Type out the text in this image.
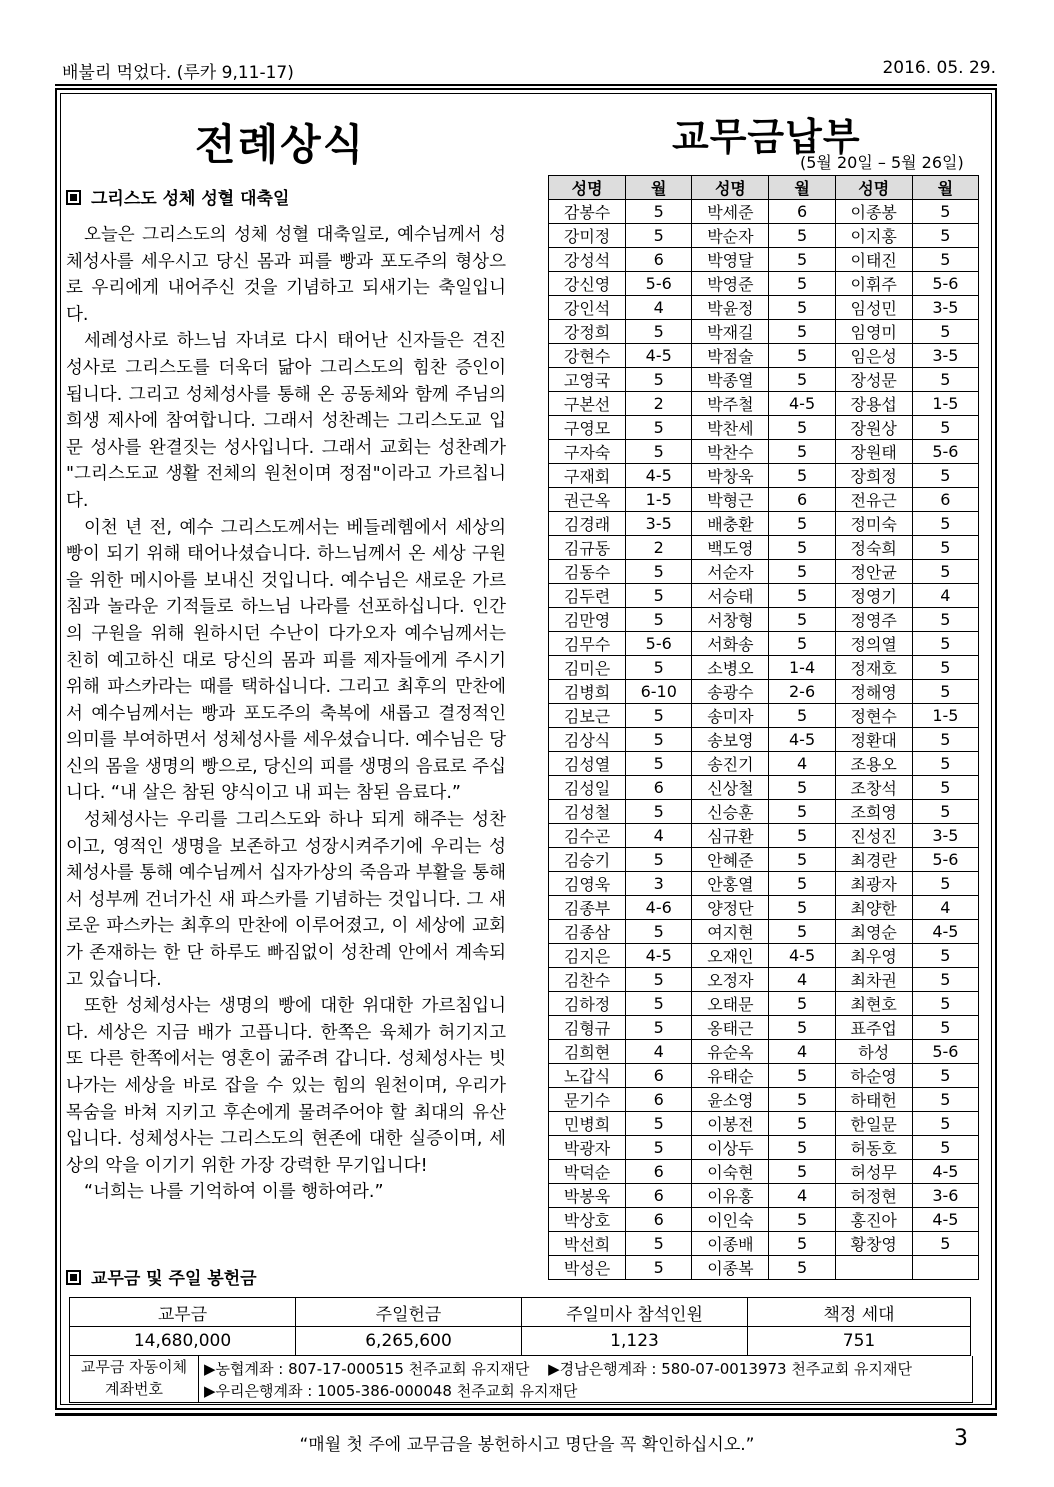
배불리 먹었다. (루카 9,11-17)	2016. 05. 29.
전례상식	교무금납부
(5월 20일 – 5월 26일)
그리스도 성체 성혈 대축일

오늘은 그리스도의 성체 성혈 대축일로, 예수님께서 성체성사를 세우시고 당신 몸과 피를 빵과 포도주의 형상으로 우리에게 내어주신 것을 기념하고 되새기는 축일입니다.

세례성사로 하느님 자녀로 다시 태어난 신자들은 견진성사로 그리스도를 더욱더 닮아 그리스도의 힘찬 증인이 됩니다. 그리고 성체성사를 통해 온 공동체와 함께 주님의 희생 제사에 참여합니다. 그래서 성찬례는 그리스도교 입문 성사를 완결짓는 성사입니다. 그래서 교회는 성찬례가 "그리스도교 생활 전체의 원천이며 정점"이라고 가르칩니다.

이천 년 전, 예수 그리스도께서는 베들레헴에서 세상의 빵이 되기 위해 태어나셨습니다. 하느님께서 온 세상 구원을 위한 메시아를 보내신 것입니다. 예수님은 새로운 가르침과 놀라운 기적들로 하느님 나라를 선포하십니다. 인간의 구원을 위해 원하시던 수난이 다가오자 예수님께서는 친히 예고하신 대로 당신의 몸과 피를 제자들에게 주시기 위해 파스카라는 때를 택하십니다. 그리고 최후의 만찬에서 예수님께서는 빵과 포도주의 축복에 새롭고 결정적인 의미를 부여하면서 성체성사를 세우셨습니다. 예수님은 당신의 몸을 생명의 빵으로, 당신의 피를 생명의 음료로 주십니다. “내 살은 참된 양식이고 내 피는 참된 음료다.”

성체성사는 우리를 그리스도와 하나 되게 해주는 성찬이고, 영적인 생명을 보존하고 성장시켜주기에 우리는 성체성사를 통해 예수님께서 십자가상의 죽음과 부활을 통해서 성부께 건너가신 새 파스카를 기념하는 것입니다. 그 새로운 파스카는 최후의 만찬에 이루어졌고, 이 세상에 교회가 존재하는 한 단 하루도 빠짐없이 성찬례 안에서 계속되고 있습니다.

또한 성체성사는 생명의 빵에 대한 위대한 가르침입니다. 세상은 지금 배가 고픕니다. 한쪽은 육체가 허기지고 또 다른 한쪽에서는 영혼이 굶주려 갑니다. 성체성사는 빗나가는 세상을 바로 잡을 수 있는 힘의 원천이며, 우리가 목숨을 바쳐 지키고 후손에게 물려주어야 할 최대의 유산입니다. 성체성사는 그리스도의 현존에 대한 실증이며, 세상의 악을 이기기 위한 가장 강력한 무기입니다!

“너희는 나를 기억하여 이를 행하여라.”

성명	월	성명	월	성명	월
감봉수	5	박세준	6	이종봉	5
강미정	5	박순자	5	이지홍	5
강성석	6	박영달	5	이태진	5
강신영	5-6	박영준	5	이휘주	5-6
강인석	4	박윤정	5	임성민	3-5
강정희	5	박재길	5	임영미	5
강현수	4-5	박점술	5	임은성	3-5
고영국	5	박종열	5	장성문	5
구본선	2	박주철	4-5	장용섭	1-5
구영모	5	박찬세	5	장원상	5
구자숙	5	박찬수	5	장원태	5-6
구재회	4-5	박창욱	5	장희정	5
권근옥	1-5	박형근	6	전유근	6
김경래	3-5	배충환	5	정미숙	5
김규동	2	백도영	5	정숙희	5
김동수	5	서순자	5	정안균	5
김두련	5	서승태	5	정영기	4
김만영	5	서창형	5	정영주	5
김무수	5-6	서화송	5	정의열	5
김미은	5	소병오	1-4	정재호	5
김병희	6-10	송광수	2-6	정해영	5
김보근	5	송미자	5	정현수	1-5
김상식	5	송보영	4-5	정환대	5
김성열	5	송진기	4	조용오	5
김성일	6	신상철	5	조창석	5
김성철	5	신승훈	5	조희영	5
김수곤	4	심규환	5	진성진	3-5
김승기	5	안혜준	5	최경란	5-6
김영욱	3	안홍열	5	최광자	5
김종부	4-6	양정단	5	최양한	4
김종삼	5	여지현	5	최영순	4-5
김지은	4-5	오재인	4-5	최우영	5
김찬수	5	오정자	4	최차권	5
김하정	5	오태문	5	최현호	5
김형규	5	옹태근	5	표주업	5
김희현	4	유순옥	4	하성	5-6
노갑식	6	유태순	5	하순영	5
문기수	6	윤소영	5	하태헌	5
민병희	5	이봉전	5	한일문	5
박광자	5	이상두	5	허동호	5
박덕순	6	이숙현	5	허성무	4-5
박봉욱	6	이유홍	4	허정현	3-6
박상호	6	이인숙	5	홍진아	4-5
박선희	5	이종배	5	황창영	5
박성은	5	이종복	5		
교무금 및 주일 봉헌금
교무금	주일헌금	주일미사 참석인원	책정 세대
14,680,000	6,265,600	1,123	751
교무금 자동이체
계좌번호
▶농협계좌 : 807-17-000515 천주교회 유지재단 ▶경남은행계좌 : 580-07-0013973 천주교회 유지재단
▶우리은행계좌 : 1005-386-000048 천주교회 유지재단
“매월 첫 주에 교무금을 봉헌하시고 명단을 꼭 확인하십시오.”	3
